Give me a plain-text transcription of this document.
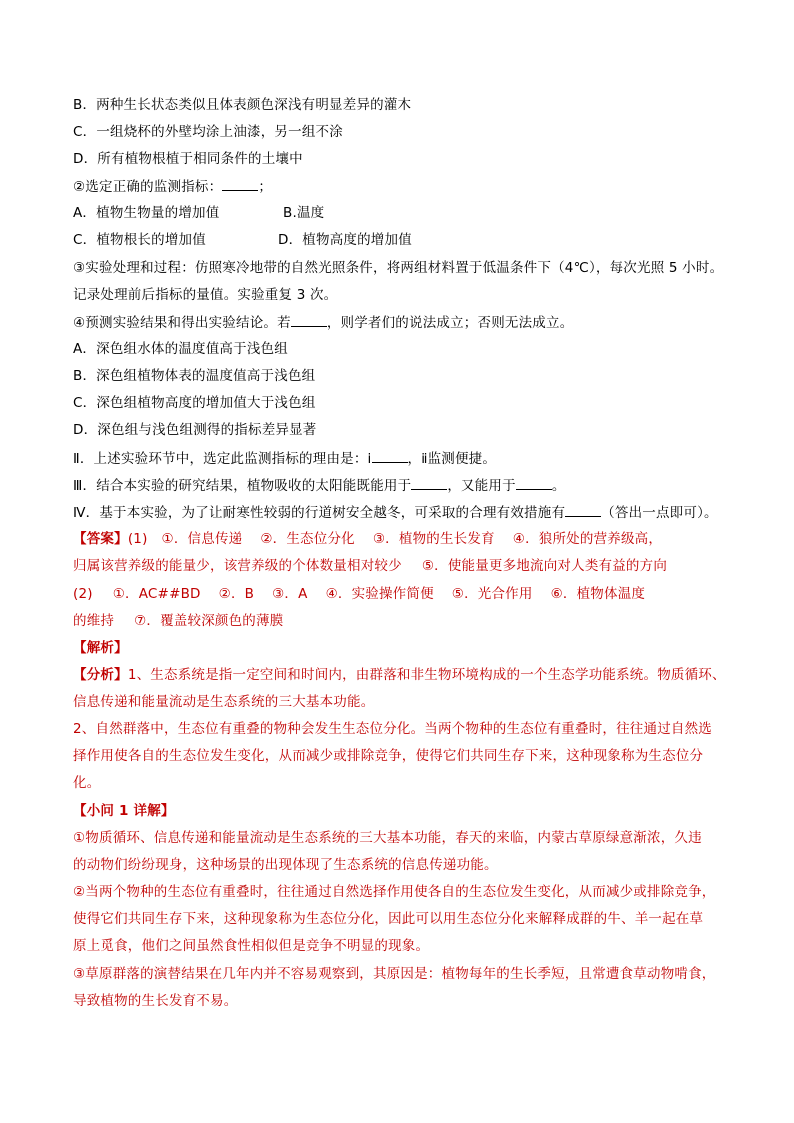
B．两种生长状态类似且体表颜色深浅有明显差异的灌木
C．一组烧杯的外壁均涂上油漆，另一组不涂
D．所有植物根植于相同条件的土壤中
②选定正确的监测指标：	；
A．植物生物量的增加值	B.温度
C．植物根长的增加值	D．植物高度的增加值
③实验处理和过程：仿照寒冷地带的自然光照条件，将两组材料置于低温条件下（4℃），每次光照 5 小时。
记录处理前后指标的量值。实验重复 3 次。
④预测实验结果和得出实验结论。若	，则学者们的说法成立；否则无法成立。
A．深色组水体的温度值高于浅色组
B．深色组植物体表的温度值高于浅色组
C．深色组植物高度的增加值大于浅色组
D．深色组与浅色组测得的指标差异显著
Ⅱ．上述实验环节中，选定此监测指标的理由是：ⅰ	，ⅱ监测便捷。
Ⅲ．结合本实验的研究结果，植物吸收的太阳能既能用于	，又能用于	。
Ⅳ．基于本实验，为了让耐寒性较弱的行道树安全越冬，可采取的合理有效措施有	（答出一点即可）。
【答案】(1) ①．信息传递 ②．生态位分化 ③．植物的生长发育 ④．狼所处的营养级高，
归属该营养级的能量少，该营养级的个体数量相对较少 ⑤．使能量更多地流向对人类有益的方向
(2) ①．AC##BD ②．B ③．A ④．实验操作简便 ⑤．光合作用 ⑥．植物体温度
的维持 ⑦．覆盖较深颜色的薄膜
【解析】
【分析】1、生态系统是指一定空间和时间内，由群落和非生物环境构成的一个生态学功能系统。物质循环、
信息传递和能量流动是生态系统的三大基本功能。
2、自然群落中，生态位有重叠的物种会发生生态位分化。当两个物种的生态位有重叠时，往往通过自然选
择作用使各自的生态位发生变化，从而减少或排除竞争，使得它们共同生存下来，这种现象称为生态位分
化。
【小问 1 详解】
①物质循环、信息传递和能量流动是生态系统的三大基本功能，春天的来临，内蒙古草原绿意渐浓，久违
的动物们纷纷现身，这种场景的出现体现了生态系统的信息传递功能。
②当两个物种的生态位有重叠时，往往通过自然选择作用使各自的生态位发生变化，从而减少或排除竞争，
使得它们共同生存下来，这种现象称为生态位分化，因此可以用生态位分化来解释成群的牛、羊一起在草
原上觅食，他们之间虽然食性相似但是竞争不明显的现象。
③草原群落的演替结果在几年内并不容易观察到，其原因是：植物每年的生长季短，且常遭食草动物啃食，
导致植物的生长发育不易。
